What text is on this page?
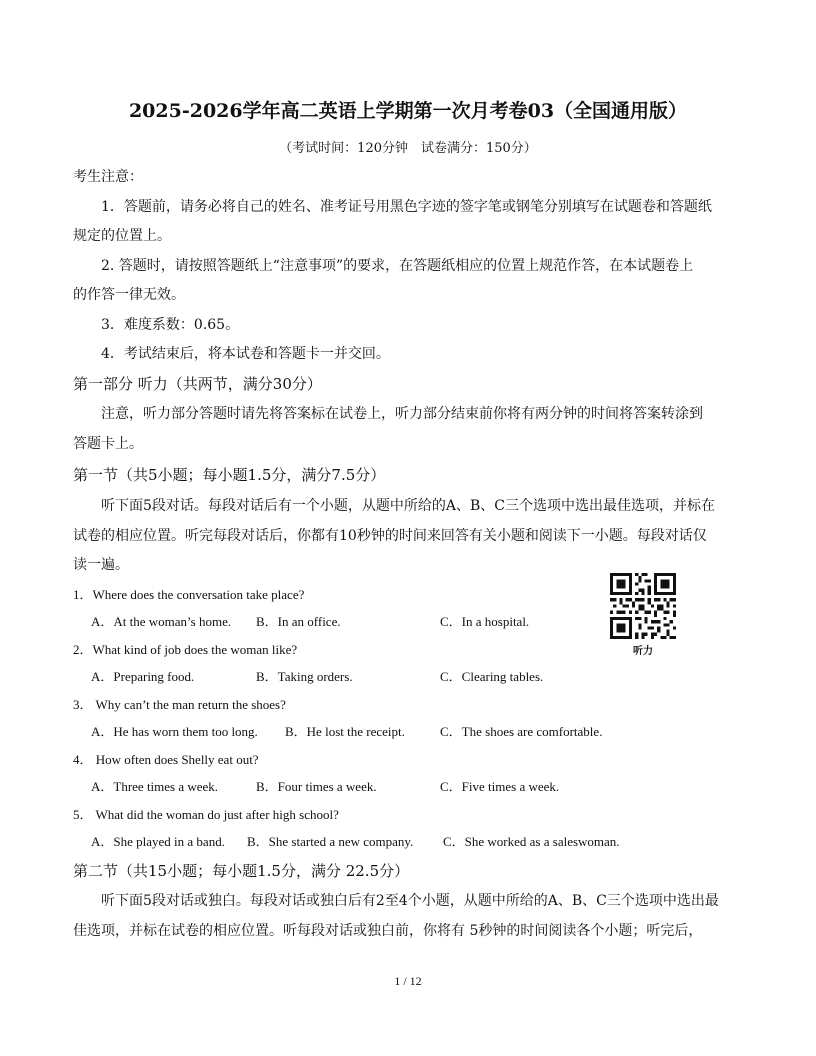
2025-2026学年高二英语上学期第一次月考卷03（全国通用版）
（考试时间：120分钟　试卷满分：150分）
考生注意：
1．答题前，请务必将自己的姓名、准考证号用黑色字迹的签字笔或钢笔分别填写在试题卷和答题纸
规定的位置上。
2. 答题时，请按照答题纸上“注意事项”的要求，在答题纸相应的位置上规范作答，在本试题卷上
的作答一律无效。
3．难度系数：0.65。
4．考试结束后，将本试卷和答题卡一并交回。
第一部分 听力（共两节，满分30分）
注意，听力部分答题时请先将答案标在试卷上，听力部分结束前你将有两分钟的时间将答案转涂到
答题卡上。
第一节（共5小题；每小题1.5分，满分7.5分）
听下面5段对话。每段对话后有一个小题，从题中所给的A、B、C三个选项中选出最佳选项，并标在
试卷的相应位置。听完每段对话后，你都有10秒钟的时间来回答有关小题和阅读下一小题。每段对话仅
读一遍。
1．Where does the conversation take place?
A．At the woman’s home. B．In an office.	C．In a hospital.
2．What kind of job does the woman like?
A．Preparing food.	B．Taking orders.	C．Clearing tables.
3． Why can’t the man return the shoes?
A．He has worn them too long. B．He lost the receipt.	C．The shoes are comfortable.
4． How often does Shelly eat out?
A．Three times a week.	B．Four times a week.	C．Five times a week.
5． What did the woman do just after high school?
A．She played in a band. B．She started a new company. C．She worked as a saleswoman.
听力
第二节（共15小题；每小题1.5分，满分 22.5分）
听下面5段对话或独白。每段对话或独白后有2至4个小题，从题中所给的A、B、C三个选项中选出最
佳选项，并标在试卷的相应位置。听每段对话或独白前，你将有 5秒钟的时间阅读各个小题；听完后，
1 / 12
